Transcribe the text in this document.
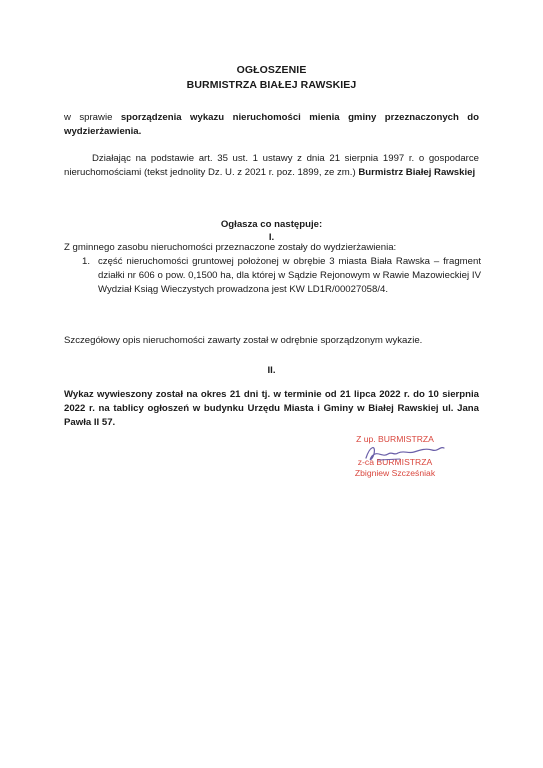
OGŁOSZENIE
BURMISTRZA BIAŁEJ RAWSKIEJ
w sprawie sporządzenia wykazu nieruchomości mienia gminy przeznaczonych do wydzierżawienia.
Działając na podstawie art. 35 ust. 1 ustawy z dnia 21 sierpnia 1997 r. o gospodarce nieruchomościami (tekst jednolity Dz. U. z 2021 r. poz. 1899, ze zm.) Burmistrz Białej Rawskiej
Ogłasza co następuje:
I.
Z gminnego zasobu nieruchomości przeznaczone zostały do wydzierżawienia:
1. część nieruchomości gruntowej położonej w obrębie 3 miasta Biała Rawska – fragment działki nr 606 o pow. 0,1500 ha, dla której w Sądzie Rejonowym w Rawie Mazowieckiej IV Wydział Ksiąg Wieczystych prowadzona jest KW LD1R/00027058/4.
Szczegółowy opis nieruchomości zawarty został w odrębnie sporządzonym wykazie.
II.
Wykaz wywieszony został na okres 21 dni tj. w terminie od 21 lipca 2022 r. do 10 sierpnia 2022 r. na tablicy ogłoszeń w budynku Urzędu Miasta i Gminy w Białej Rawskiej ul. Jana Pawła II 57.
Z up. BURMISTRZA
z-ca BURMISTRZA
Zbigniew Szcześniak
